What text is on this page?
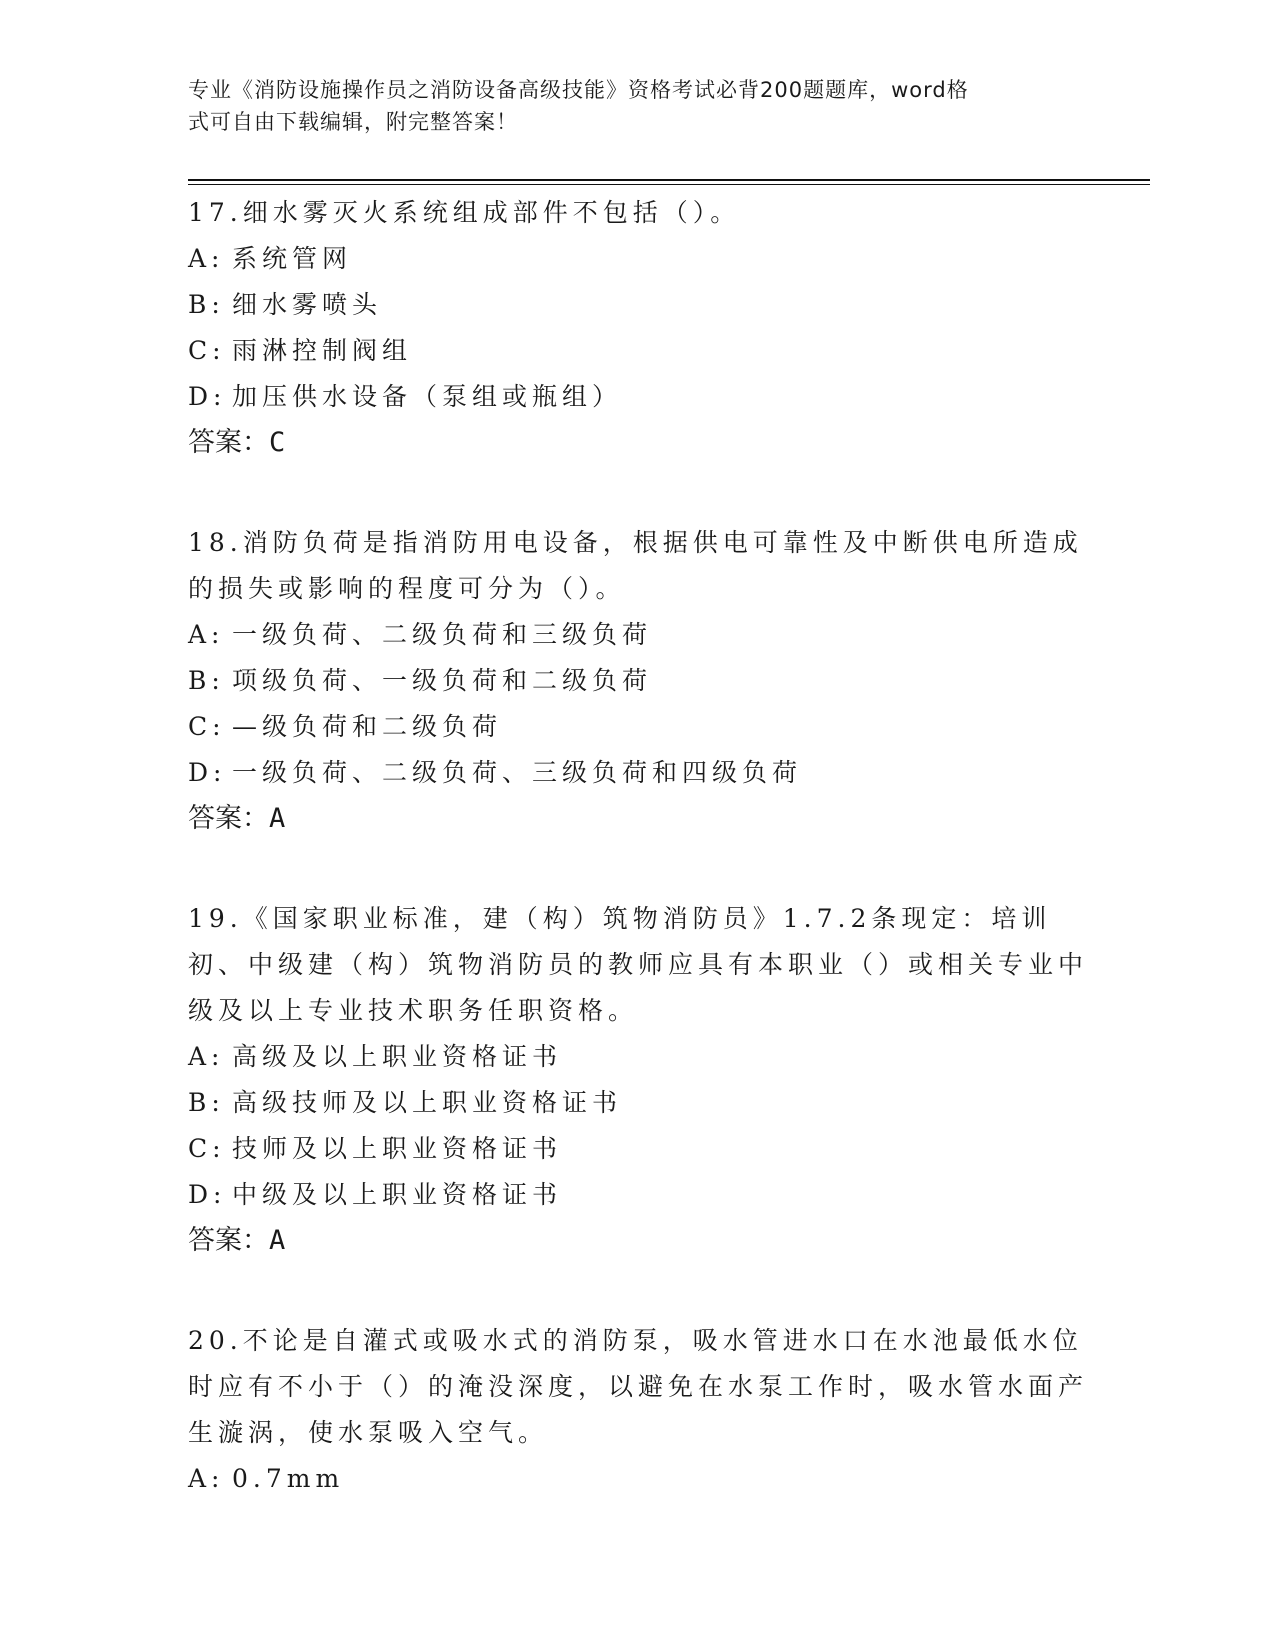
专业《消防设施操作员之消防设备高级技能》资格考试必背200题题库，word格
式可自由下载编辑，附完整答案！
17.细水雾灭火系统组成部件不包括（）。
A: 系统管网
B: 细水雾喷头
C: 雨淋控制阀组
D: 加压供水设备（泵组或瓶组）
答案：C
18.消防负荷是指消防用电设备，根据供电可靠性及中断供电所造成的损失或影响的程度可分为（）。
A: 一级负荷、二级负荷和三级负荷
B: 项级负荷、一级负荷和二级负荷
C: —级负荷和二级负荷
D: 一级负荷、二级负荷、三级负荷和四级负荷
答案：A
19.《国家职业标准，建（构）筑物消防员》1.7.2条现定：培训初、中级建（构）筑物消防员的教师应具有本职业（）或相关专业中级及以上专业技术职务任职资格。
A: 高级及以上职业资格证书
B: 高级技师及以上职业资格证书
C: 技师及以上职业资格证书
D: 中级及以上职业资格证书
答案：A
20.不论是自灌式或吸水式的消防泵，吸水管进水口在水池最低水位时应有不小于（）的淹没深度，以避免在水泵工作时，吸水管水面产生漩涡，使水泵吸入空气。
A: 0.7mm
